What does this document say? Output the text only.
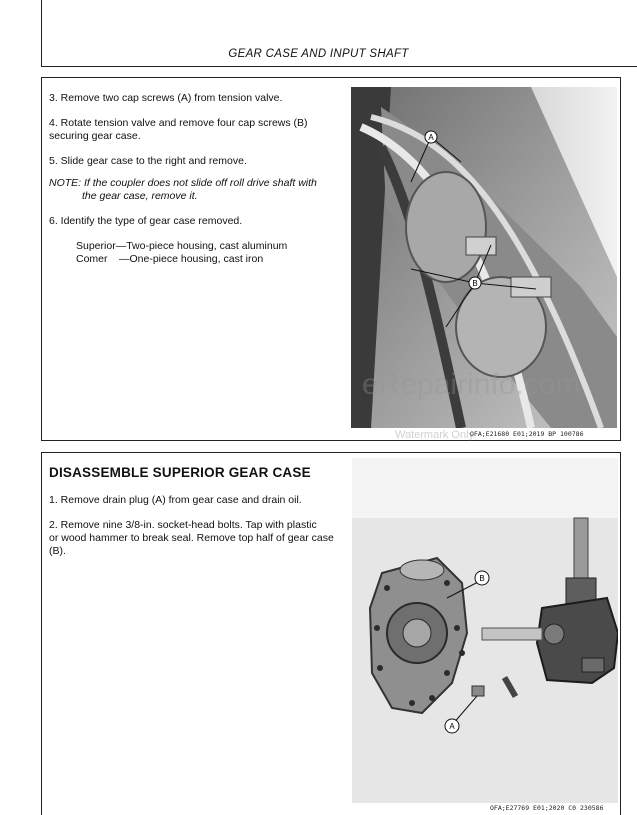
GEAR CASE AND INPUT SHAFT
3. Remove two cap screws (A) from tension valve.
4. Rotate tension valve and remove four cap screws (B)
securing gear case.
5. Slide gear case to the right and remove.
NOTE: If the coupler does not slide off roll drive shaft with
the gear case, remove it.
6. Identify the type of gear case removed.
Superior—Two-piece housing, cast aluminum
Comer —One-piece housing, cast iron
A
B
OFA;E21680 E01;2019 BP 100786
eRepairinfo.com
Watermark Only
DISASSEMBLE SUPERIOR GEAR CASE
1. Remove drain plug (A) from gear case and drain oil.
2. Remove nine 3/8-in. socket-head bolts. Tap with plastic
or wood hammer to break seal. Remove top half of gear case
(B).
B
A
OFA;E27769 E01;2020 C0 230586
